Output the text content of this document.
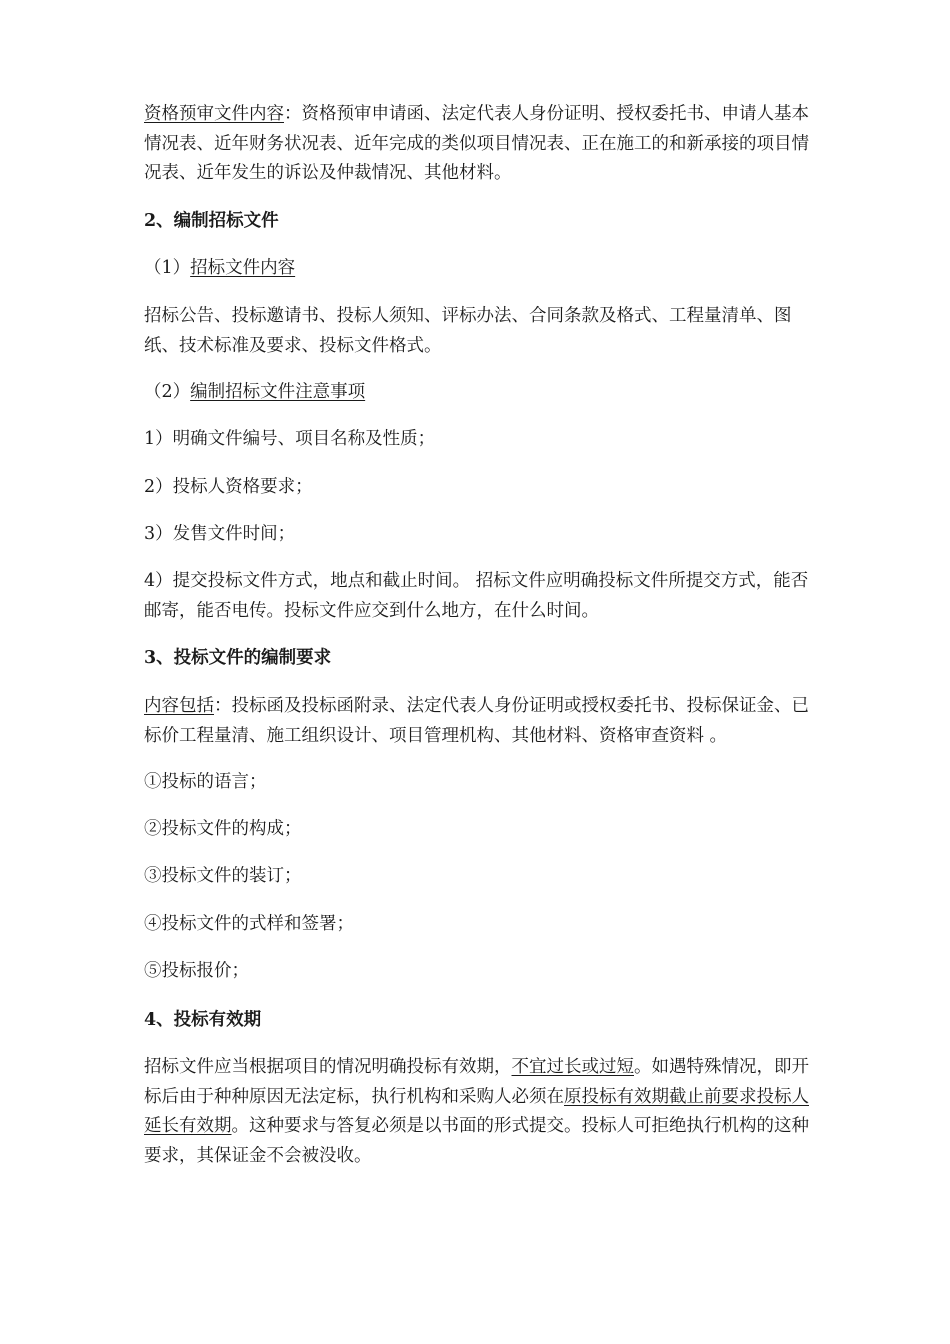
资格预审文件内容：资格预审申请函、法定代表人身份证明、授权委托书、申请人基本情况表、近年财务状况表、近年完成的类似项目情况表、正在施工的和新承接的项目情况表、近年发生的诉讼及仲裁情况、其他材料。

2、编制招标文件

（1）招标文件内容

招标公告、投标邀请书、投标人须知、评标办法、合同条款及格式、工程量清单、图纸、技术标准及要求、投标文件格式。

（2）编制招标文件注意事项

1）明确文件编号、项目名称及性质；

2）投标人资格要求；

3）发售文件时间；

4）提交投标文件方式，地点和截止时间。 招标文件应明确投标文件所提交方式，能否邮寄，能否电传。投标文件应交到什么地方，在什么时间。

3、投标文件的编制要求

内容包括：投标函及投标函附录、法定代表人身份证明或授权委托书、投标保证金、已标价工程量清、施工组织设计、项目管理机构、其他材料、资格审查资料 。

①投标的语言；

②投标文件的构成；

③投标文件的装订；

④投标文件的式样和签署；

⑤投标报价；

4、投标有效期

招标文件应当根据项目的情况明确投标有效期，不宜过长或过短。如遇特殊情况，即开标后由于种种原因无法定标，执行机构和采购人必须在原投标有效期截止前要求投标人延长有效期。这种要求与答复必须是以书面的形式提交。投标人可拒绝执行机构的这种要求，其保证金不会被没收。
